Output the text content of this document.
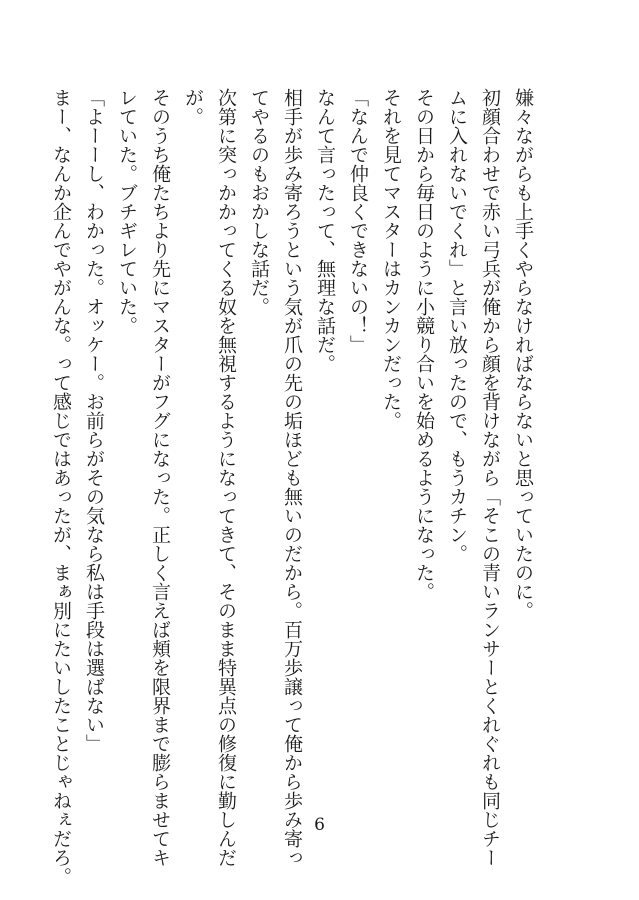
嫌々ながらも上手くやらなければならないと思っていたのに。
初顔合わせで赤い弓兵が俺から顔を背けながら「そこの青いランサーとくれぐれも同じチー
ムに入れないでくれ」と言い放ったので、もうカチン。
その日から毎日のように小競り合いを始めるようになった。
それを見てマスターはカンカンだった。
「なんで仲良くできないの！」
なんて言ったって、無理な話だ。
相手が歩み寄ろうという気が爪の先の垢ほども無いのだから。百万歩譲って俺から歩み寄っ
てやるのもおかしな話だ。
次第に突っかかってくる奴を無視するようになってきて、そのまま特異点の修復に勤しんだ
が。
そのうち俺たちより先にマスターがフグになった。正しく言えば頬を限界まで膨らませてキ
レていた。ブチギレていた。
「よーーし、わかった。オッケー。お前らがその気なら私は手段は選ばない」
まー、なんか企んでやがんな。って感じではあったが、まぁ別にたいしたことじゃねぇだろ。	6
